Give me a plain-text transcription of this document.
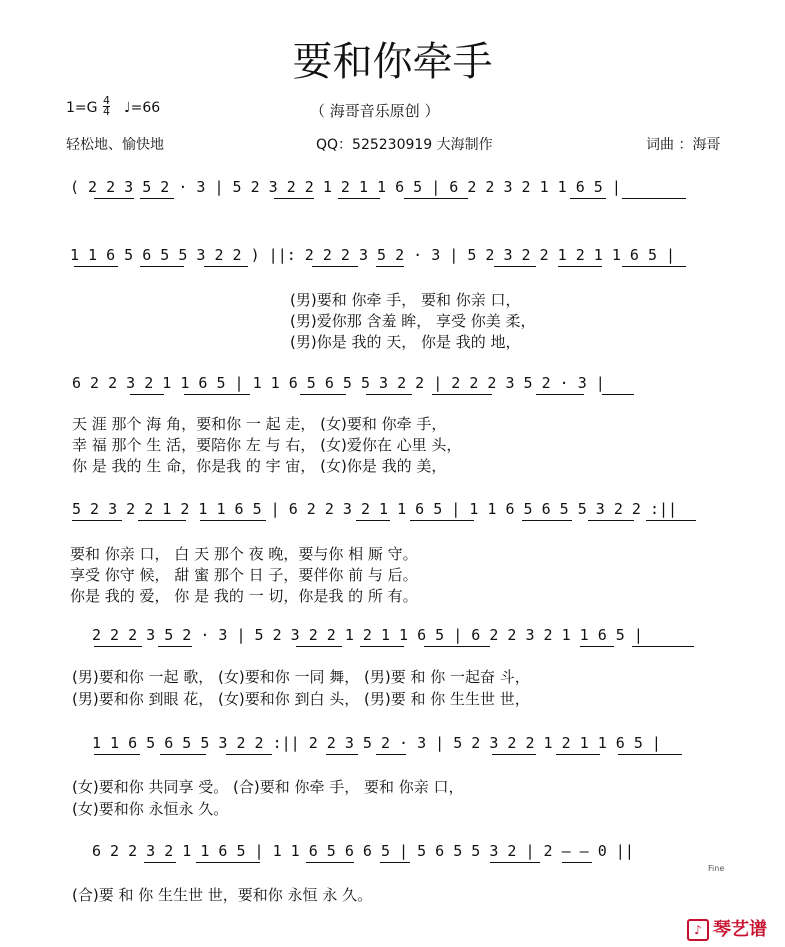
要和你牵手
1=G 4
4 ♩=66	（ 海哥音乐原创 ）
轻松地、愉快地	QQ：525230919 大海制作	词曲 ：海哥
( 2 2 3 5 2 · 3 | 5 2 3 2 2 1 2 1 1 6 5 | 6 2 2 3 2 1 1 6 5 |
1 1 6 5 6 5 5 3 2 2 ) ||: 2 2 2 3 5 2 · 3 | 5 2 3 2 2 1 2 1 1 6 5 |
(男)要和 你牵 手， 要和 你亲 口，
(男)爱你那 含羞 眸， 享受 你美 柔，
(男)你是 我的 天， 你是 我的 地，
6 2 2 3 2 1 1 6 5 | 1 1 6 5 6 5 5 3 2 2 | 2 2 2 3 5 2 · 3 |
天 涯 那个 海 角，要和你 一 起 走， (女)要和 你牵 手，
幸 福 那个 生 活，要陪你 左 与 右， (女)爱你在 心里 头，
你 是 我的 生 命，你是我 的 宇 宙， (女)你是 我的 美，
5 2 3 2 2 1 2 1 1 6 5 | 6 2 2 3 2 1 1 6 5 | 1 1 6 5 6 5 5 3 2 2 :||
要和 你亲 口， 白 天 那个 夜 晚，要与你 相 厮 守。
享受 你守 候， 甜 蜜 那个 日 子，要伴你 前 与 后。
你是 我的 爱， 你 是 我的 一 切，你是我 的 所 有。
2 2 2 3 5 2 · 3 | 5 2 3 2 2 1 2 1 1 6 5 | 6 2 2 3 2 1 1 6 5 |
(男)要和你 一起 歌， (女)要和你 一同 舞， (男)要 和 你 一起奋 斗，
(男)要和你 到眼 花， (女)要和你 到白 头， (男)要 和 你 生生世 世，
1 1 6 5 6 5 5 3 2 2 :|| 2 2 3 5 2 · 3 | 5 2 3 2 2 1 2 1 1 6 5 |
(女)要和你 共同享 受。 (合)要和 你牵 手， 要和 你亲 口，
(女)要和你 永恒永 久。
6 2 2 3 2 1 1 6 5 | 1 1 6 5 6 6 5 | 5 6 5 5 3 2 | 2 — — 0 ||
Fine
(合)要 和 你 生生世 世，要和你 永恒 永 久。
♪ 琴艺谱
